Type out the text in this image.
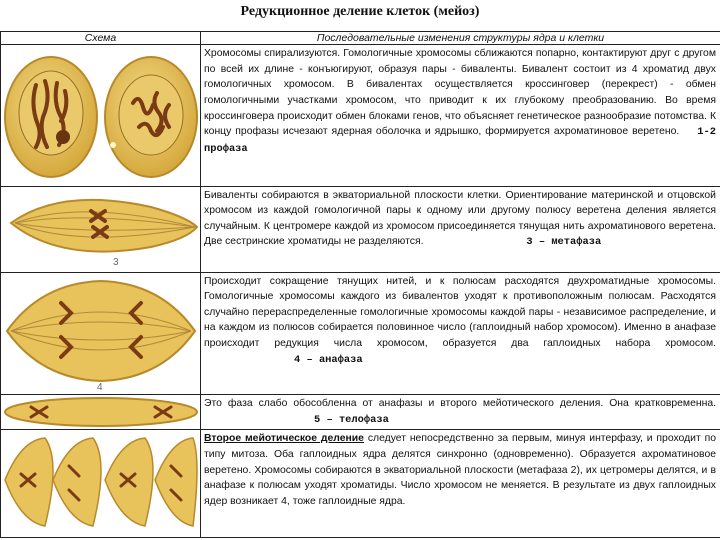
Редукционное деление клеток (мейоз)
Схема	Последовательные изменения структуры ядра и клетки

Хромосомы спирализуются. Гомологичные хромосомы сближаются попарно, контактируют друг с другом по всей их длине - конъюгируют, образуя пары - биваленты. Бивалент состоит из 4 хроматид двух гомологичных хромосом. В бивалентах осуществляется кроссинговер (перекрест) - обмен гомологичными участками хромосом, что приводит к их глубокому преобразованию. Во время кроссинговера происходит обмен блоками генов, что объясняет генетическое разнообразие потомства. К концу профазы исчезают ядерная оболочка и ядрышко, формируется ахроматиновое веретено. 1-2 профаза

3	Биваленты собираются в экваториальной плоскости клетки. Ориентирование материнской и отцовской хромосом из каждой гомологичной пары к одному или другому полюсу веретена деления является случайным. К центромере каждой из хромосом присоединяется тянущая нить ахроматинового веретена. Две сестринские хроматиды не разделяются. 3 – метафаза

4	Происходит сокращение тянущих нитей, и к полюсам расходятся двухроматидные хромосомы. Гомологичные хромосомы каждого из бивалентов уходят к противоположным полюсам. Расходятся случайно перераспределенные гомологичные хромосомы каждой пары - независимое распределение, и на каждом из полюсов собирается половинное число (гаплоидный набор хромосом). Именно в анафазе происходит редукция числа хромосом, образуется два гаплоидных набора хромосом. 4 – анафаза

Это фаза слабо обособленна от анафазы и второго мейотического деления. Она кратковременна. 5 – телофаза

Второе мейотическое деление следует непосредственно за первым, минуя интерфазу, и проходит по типу митоза. Оба гаплоидных ядра делятся синхронно (одновременно). Образуется ахроматиновое веретено. Хромосомы собираются в экваториальной плоскости (метафаза 2), их цетромеры делятся, и в анафазе к полюсам уходят хроматиды. Число хромосом не меняется. В результате из двух гаплоидных ядер возникает 4, тоже гаплоидные ядра.
